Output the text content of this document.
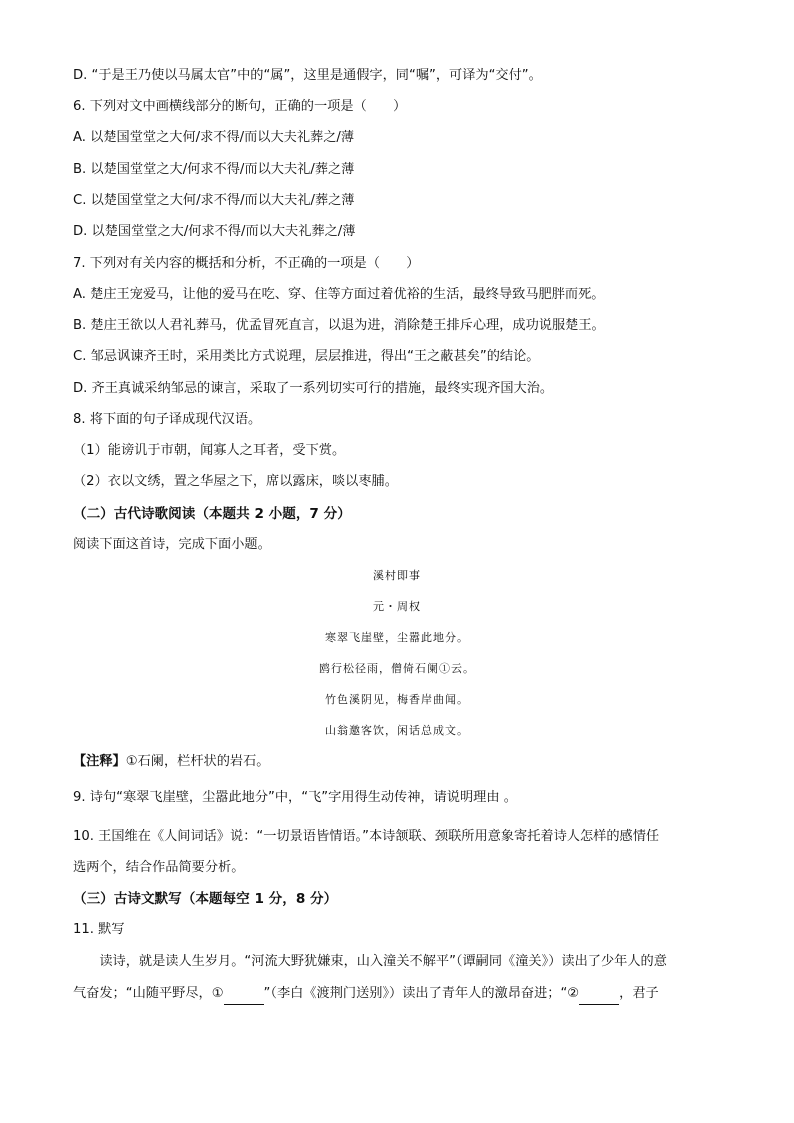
D. “于是王乃使以马属太官”中的“属”，这里是通假字，同“嘱”，可译为“交付”。
6. 下列对文中画横线部分的断句，正确的一项是（　　）
A. 以楚国堂堂之大何/求不得/而以大夫礼葬之/薄
B. 以楚国堂堂之大/何求不得/而以大夫礼/葬之薄
C. 以楚国堂堂之大何/求不得/而以大夫礼/葬之薄
D. 以楚国堂堂之大/何求不得/而以大夫礼葬之/薄
7. 下列对有关内容的概括和分析，不正确的一项是（　　）
A. 楚庄王宠爱马，让他的爱马在吃、穿、住等方面过着优裕的生活，最终导致马肥胖而死。
B. 楚庄王欲以人君礼葬马，优孟冒死直言，以退为进，消除楚王排斥心理，成功说服楚王。
C. 邹忌讽谏齐王时，采用类比方式说理，层层推进，得出“王之蔽甚矣”的结论。
D. 齐王真诚采纳邹忌的谏言，采取了一系列切实可行的措施，最终实现齐国大治。
8. 将下面的句子译成现代汉语。
（1）能谤讥于市朝，闻寡人之耳者，受下赏。
（2）衣以文绣，置之华屋之下，席以露床，啖以枣脯。
（二）古代诗歌阅读（本题共 2 小题，7 分）
阅读下面这首诗，完成下面小题。
溪村即事
元・周权
寒翠飞崖壁，尘嚣此地分。
鸥行松径雨，僧倚石阑①云。
竹色溪阴见，梅香岸曲闻。
山翁邀客饮，闲话总成文。
【注释】①石阑，栏杆状的岩石。
9. 诗句“寒翠飞崖壁，尘嚣此地分”中，“飞”字用得生动传神，请说明理由 。
10. 王国维在《人间词话》说：“一切景语皆情语。”本诗颔联、颈联所用意象寄托着诗人怎样的感情任
选两个，结合作品简要分析。
（三）古诗文默写（本题每空 1 分，8 分）
11. 默写
　　读诗，就是读人生岁月。“河流大野犹嫌束，山入潼关不解平”（谭嗣同《潼关》）读出了少年人的意
气奋发；“山随平野尽，①	”（李白《渡荆门送别》）读出了青年人的激昂奋进；“②	，君子
